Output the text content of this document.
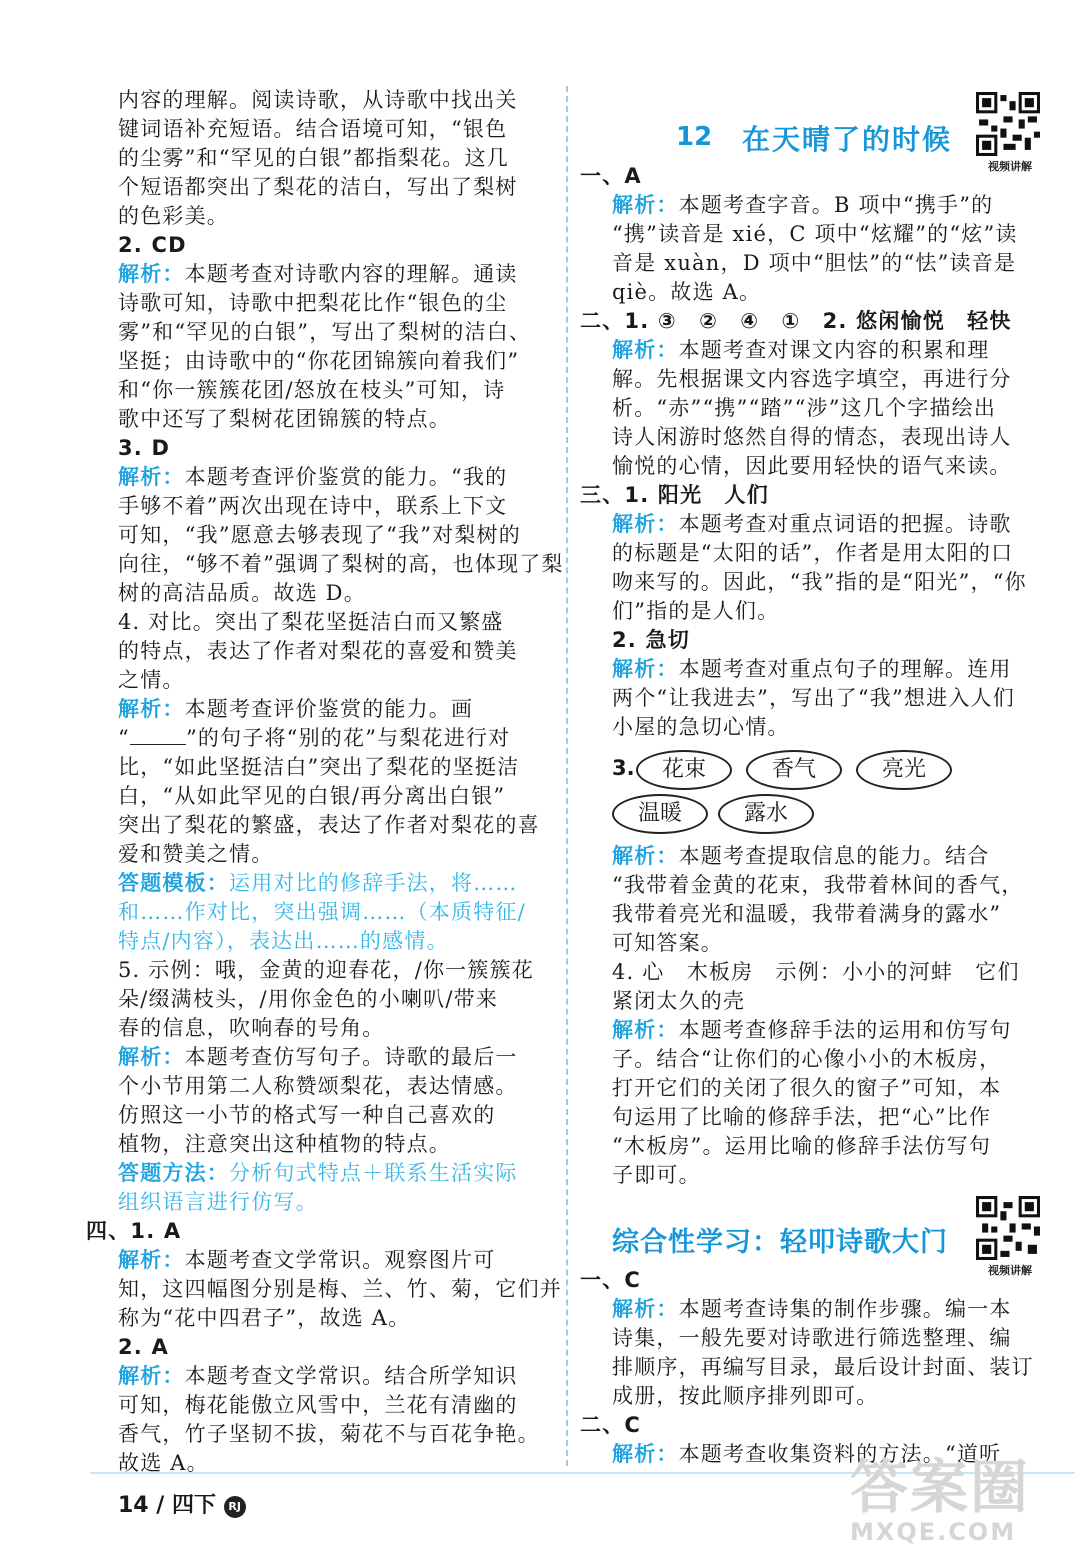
内容的理解。阅读诗歌，从诗歌中找出关
键词语补充短语。结合语境可知，“银色
的尘雾”和“罕见的白银”都指梨花。这几
个短语都突出了梨花的洁白，写出了梨树
的色彩美。
2. CD
解析：本题考查对诗歌内容的理解。通读
诗歌可知，诗歌中把梨花比作“银色的尘
雾”和“罕见的白银”，写出了梨树的洁白、
坚挺；由诗歌中的“你花团锦簇向着我们”
和“你一簇簇花团/怒放在枝头”可知，诗
歌中还写了梨树花团锦簇的特点。
3. D
解析：本题考查评价鉴赏的能力。“我的
手够不着”两次出现在诗中，联系上下文
可知，“我”愿意去够表现了“我”对梨树的
向往，“够不着”强调了梨树的高，也体现了梨
树的高洁品质。故选 D。
4. 对比。突出了梨花坚挺洁白而又繁盛
的特点，表达了作者对梨花的喜爱和赞美
之情。
解析：本题考查评价鉴赏的能力。画
“	”的句子将“别的花”与梨花进行对
比，“如此坚挺洁白”突出了梨花的坚挺洁
白，“从如此罕见的白银/再分离出白银”
突出了梨花的繁盛，表达了作者对梨花的喜
爱和赞美之情。
答题模板：运用对比的修辞手法，将……
和……作对比，突出强调……（本质特征/
特点/内容），表达出……的感情。
5. 示例：哦，金黄的迎春花，/你一簇簇花
朵/缀满枝头，/用你金色的小喇叭/带来
春的信息，吹响春的号角。
解析：本题考查仿写句子。诗歌的最后一
个小节用第二人称赞颂梨花，表达情感。
仿照这一小节的格式写一种自己喜欢的
植物，注意突出这种植物的特点。
答题方法：分析句式特点＋联系生活实际
组织语言进行仿写。
四、1. A
解析：本题考查文学常识。观察图片可
知，这四幅图分别是梅、兰、竹、菊，它们并
称为“花中四君子”，故选 A。
2. A
解析：本题考查文学常识。结合所学知识
可知，梅花能傲立风雪中，兰花有清幽的
香气，竹子坚韧不拔，菊花不与百花争艳。
故选 A。
12 在天晴了的时候
视频讲解
一、A
解析：本题考查字音。B 项中“携手”的
“携”读音是 xié，C 项中“炫耀”的“炫”读
音是 xuàn，D 项中“胆怯”的“怯”读音是
qiè。故选 A。
二、1. ③　②　④　①　2. 悠闲愉悦　轻快
解析：本题考查对课文内容的积累和理
解。先根据课文内容选字填空，再进行分
析。“赤”“携”“踏”“涉”这几个字描绘出
诗人闲游时悠然自得的情态，表现出诗人
愉悦的心情，因此要用轻快的语气来读。
三、1. 阳光　人们
解析：本题考查对重点词语的把握。诗歌
的标题是“太阳的话”，作者是用太阳的口
吻来写的。因此，“我”指的是“阳光”，“你
们”指的是人们。
2. 急切
解析：本题考查对重点句子的理解。连用
两个“让我进去”，写出了“我”想进入人们
小屋的急切心情。
3.	花束	香气	亮光
温暖	露水
解析：本题考查提取信息的能力。结合
“我带着金黄的花束，我带着林间的香气，
我带着亮光和温暖，我带着满身的露水”
可知答案。
4. 心　木板房　示例：小小的河蚌　它们
紧闭太久的壳
解析：本题考查修辞手法的运用和仿写句
子。结合“让你们的心像小小的木板房，
打开它们的关闭了很久的窗子”可知，本
句运用了比喻的修辞手法，把“心”比作
“木板房”。运用比喻的修辞手法仿写句
子即可。
综合性学习：轻叩诗歌大门
视频讲解
一、C
解析：本题考查诗集的制作步骤。编一本
诗集，一般先要对诗歌进行筛选整理、编
排顺序，再编写目录，最后设计封面、装订
成册，按此顺序排列即可。
二、C
解析：本题考查收集资料的方法。“道听
14 / 四下 RJ	答案圈
MXQE.COM
